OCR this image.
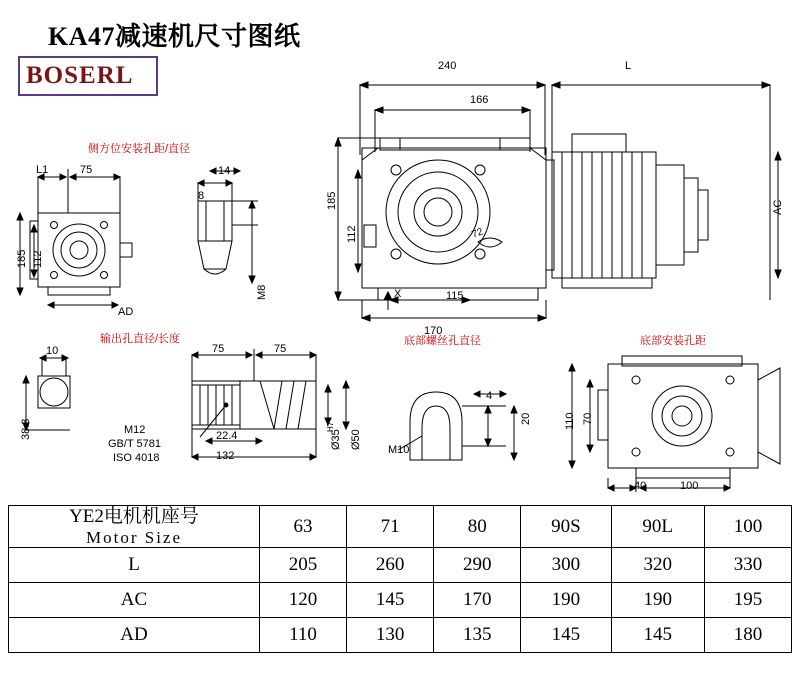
KA47减速机尺寸图纸
BOSERL	240	L
166
AC
185
112
115
170
X
72
侧方位安装孔距/直径
L1	75
185 112
AD
14
8
M8
输出孔直径/长度
10
38.3
75	75
22.4
132
Ø35
H7
Ø50
M12
GB/T 5781
ISO 4018
底部螺丝孔直径
M10
4
20
底部安装孔距
110 70
40	100
YE2电机机座号
Motor Size	63	71	80	90S	90L	100
L	205	260	290	300	320	330
AC	120	145	170	190	190	195
AD	110	130	135	145	145	180
